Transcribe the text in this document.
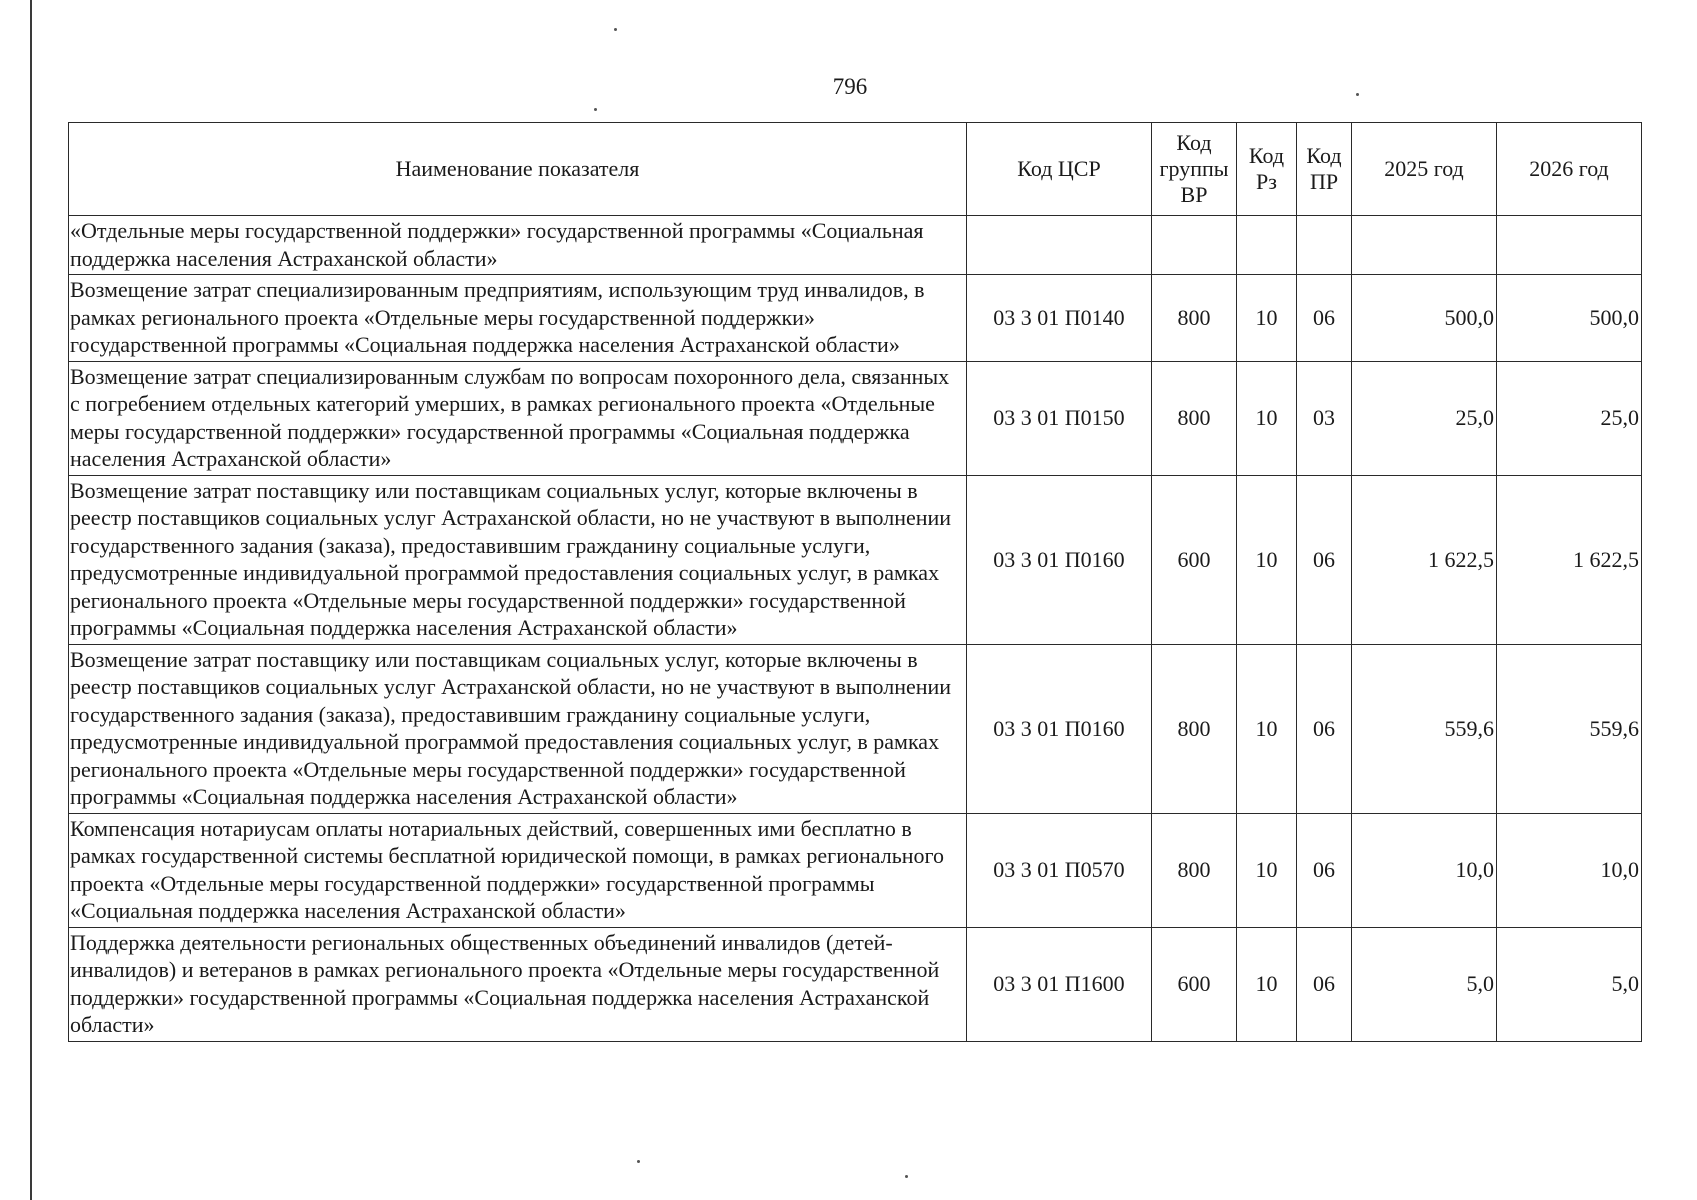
796
Наименование показателя	Код ЦСР	Код группы ВР	Код Рз	Код ПР	2025 год	2026 год
«Отдельные меры государственной поддержки» государственной программы «Социальная поддержка населения Астраханской области»						
Возмещение затрат специализированным предприятиям, использующим труд инвалидов, в рамках регионального проекта «Отдельные меры государственной поддержки» государственной программы «Социальная поддержка населения Астраханской области»	03 3 01 П0140	800	10	06	500,0	500,0
Возмещение затрат специализированным службам по вопросам похоронного дела, связанных с погребением отдельных категорий умерших, в рамках регионального проекта «Отдельные меры государственной поддержки» государственной программы «Социальная поддержка населения Астраханской области»	03 3 01 П0150	800	10	03	25,0	25,0
Возмещение затрат поставщику или поставщикам социальных услуг, которые включены в реестр поставщиков социальных услуг Астраханской области, но не участвуют в выполнении государственного задания (заказа), предоставившим гражданину социальные услуги, предусмотренные индивидуальной программой предоставления социальных услуг, в рамках регионального проекта «Отдельные меры государственной поддержки» государственной программы «Социальная поддержка населения Астраханской области»	03 3 01 П0160	600	10	06	1 622,5	1 622,5
Возмещение затрат поставщику или поставщикам социальных услуг, которые включены в реестр поставщиков социальных услуг Астраханской области, но не участвуют в выполнении государственного задания (заказа), предоставившим гражданину социальные услуги, предусмотренные индивидуальной программой предоставления социальных услуг, в рамках регионального проекта «Отдельные меры государственной поддержки» государственной программы «Социальная поддержка населения Астраханской области»	03 3 01 П0160	800	10	06	559,6	559,6
Компенсация нотариусам оплаты нотариальных действий, совершенных ими бесплатно в рамках государственной системы бесплатной юридической помощи, в рамках регионального проекта «Отдельные меры государственной поддержки» государственной программы «Социальная поддержка населения Астраханской области»	03 3 01 П0570	800	10	06	10,0	10,0
Поддержка деятельности региональных общественных объединений инвалидов (детей-инвалидов) и ветеранов в рамках регионального проекта «Отдельные меры государственной поддержки» государственной программы «Социальная поддержка населения Астраханской области»	03 3 01 П1600	600	10	06	5,0	5,0
